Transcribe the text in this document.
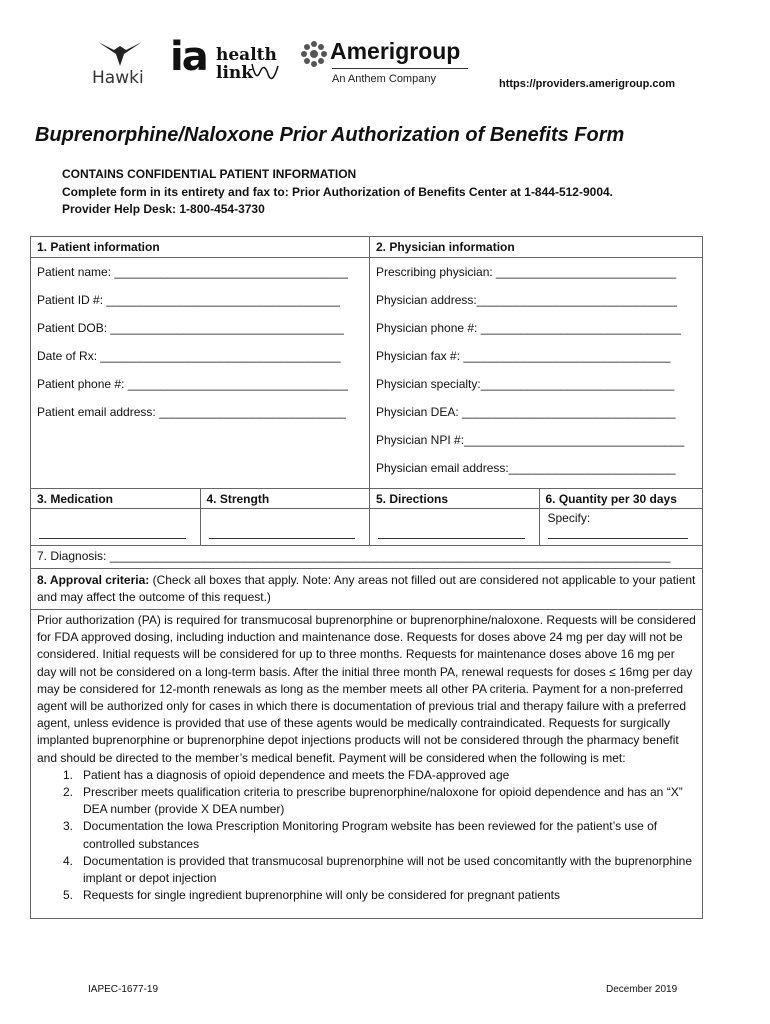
Hawki ia health
link
Amerigroup
An Anthem Company	https://providers.amerigroup.com
Buprenorphine/Naloxone Prior Authorization of Benefits Form
CONTAINS CONFIDENTIAL PATIENT INFORMATION
Complete form in its entirety and fax to: Prior Authorization of Benefits Center at 1-844-512-9004.
Provider Help Desk: 1-800-454-3730
1. Patient information	2. Physician information
Patient name: ___________________________________
Patient ID #: ___________________________________
Patient DOB: ___________________________________
Date of Rx: ____________________________________
Patient phone #: _________________________________
Patient email address: ____________________________
Prescribing physician: ___________________________
Physician address:______________________________
Physician phone #: ______________________________
Physician fax #: _______________________________
Physician specialty:_____________________________
Physician DEA: ________________________________
Physician NPI #:_________________________________
Physician email address:_________________________
3. Medication	4. Strength	5. Directions	6. Quantity per 30 days
Specify:
7. Diagnosis: ____________________________________________________________________________________
8. Approval criteria: (Check all boxes that apply. Note: Any areas not filled out are considered not applicable to your patient and may affect the outcome of this request.)
Prior authorization (PA) is required for transmucosal buprenorphine or buprenorphine/naloxone. Requests will be considered for FDA approved dosing, including induction and maintenance dose. Requests for doses above 24 mg per day will not be considered. Initial requests will be considered for up to three months. Requests for maintenance doses above 16 mg per day will not be considered on a long-term basis. After the initial three month PA, renewal requests for doses ≤ 16mg per day may be considered for 12-month renewals as long as the member meets all other PA criteria. Payment for a non-preferred agent will be authorized only for cases in which there is documentation of previous trial and therapy failure with a preferred agent, unless evidence is provided that use of these agents would be medically contraindicated. Requests for surgically implanted buprenorphine or buprenorphine depot injections products will not be considered through the pharmacy benefit and should be directed to the member’s medical benefit. Payment will be considered when the following is met:
1. Patient has a diagnosis of opioid dependence and meets the FDA-approved age
2. Prescriber meets qualification criteria to prescribe buprenorphine/naloxone for opioid dependence and has an “X” DEA number (provide X DEA number)
3. Documentation the Iowa Prescription Monitoring Program website has been reviewed for the patient’s use of controlled substances
4. Documentation is provided that transmucosal buprenorphine will not be used concomitantly with the buprenorphine implant or depot injection
5. Requests for single ingredient buprenorphine will only be considered for pregnant patients
IAPEC-1677-19	December 2019
